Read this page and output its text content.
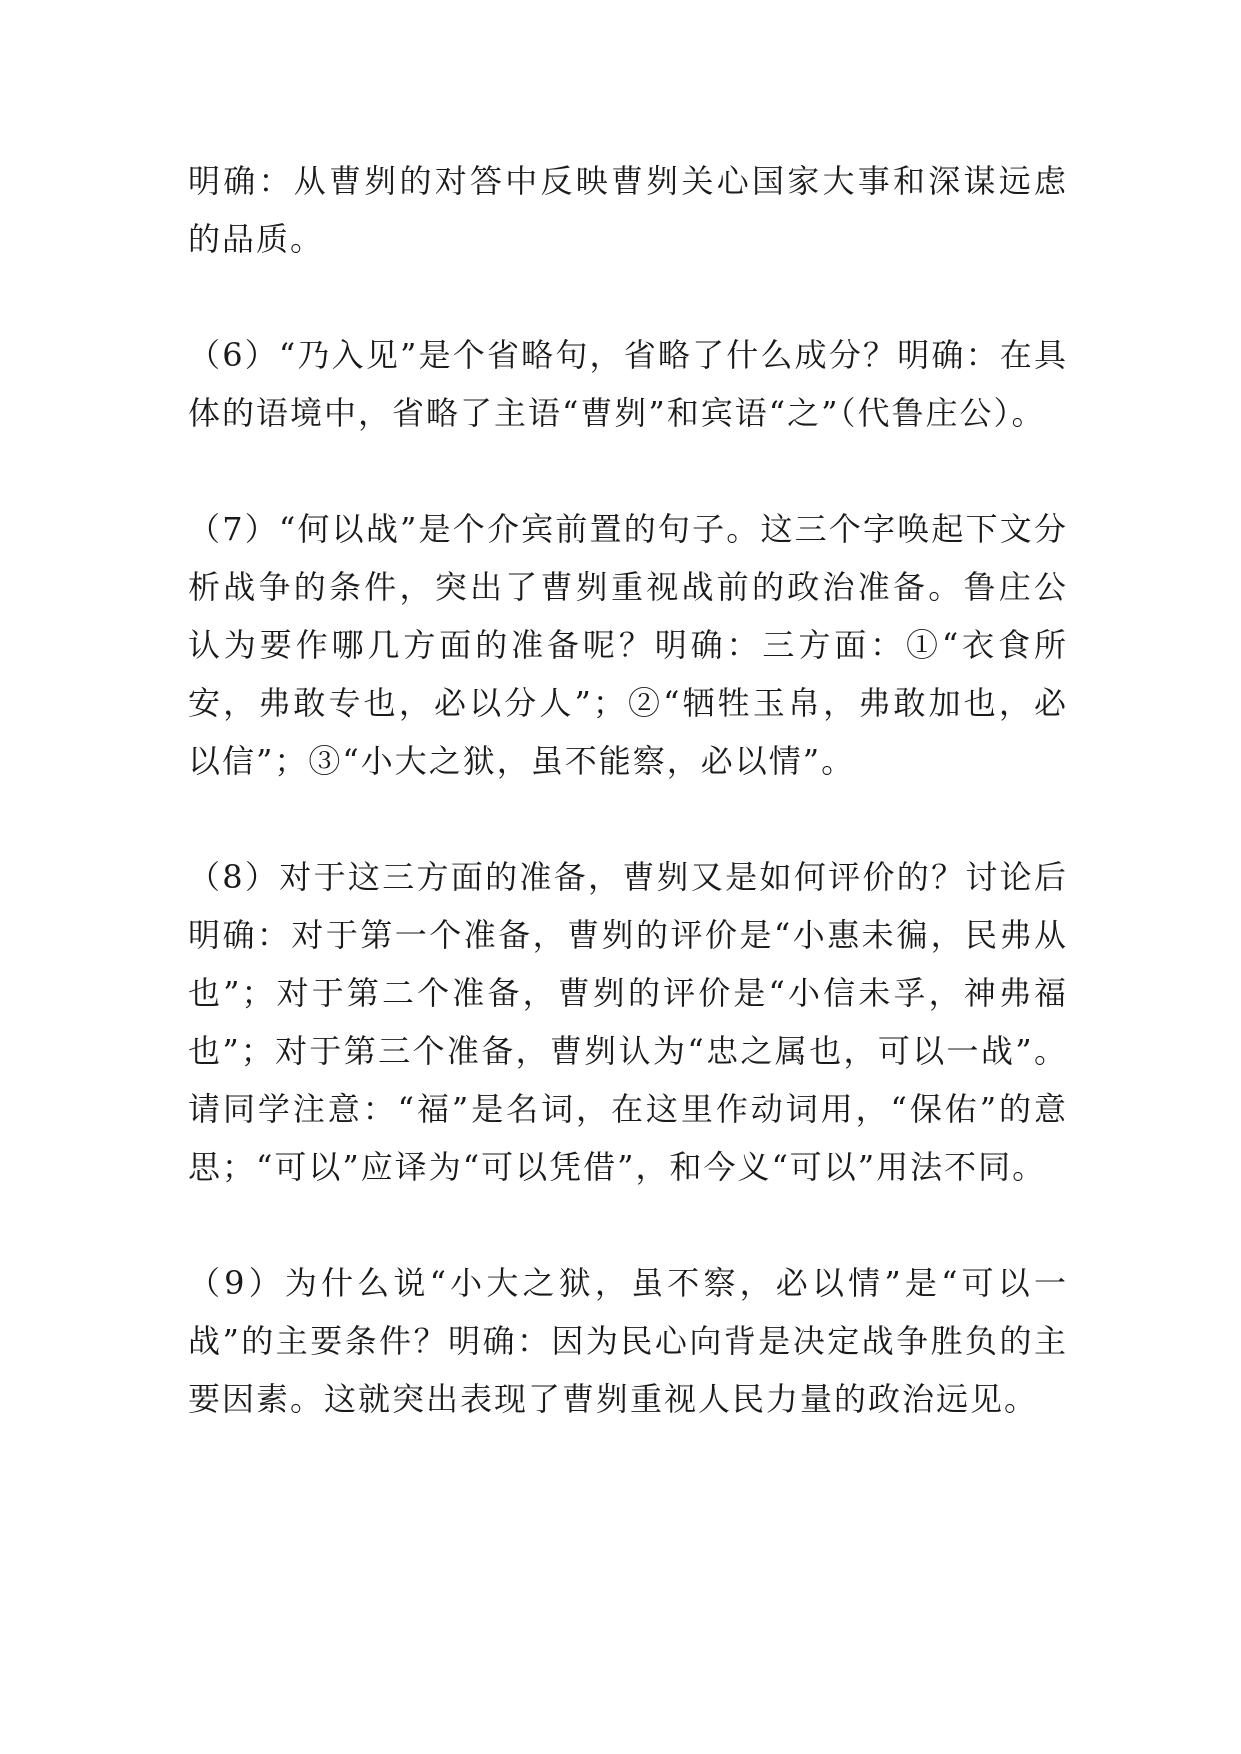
明确：从曹刿的对答中反映曹刿关心国家大事和深谋远虑的品质。

（6）“乃入见”是个省略句，省略了什么成分？明确：在具体的语境中，省略了主语“曹刿”和宾语“之”（代鲁庄公）。

（7）“何以战”是个介宾前置的句子。这三个字唤起下文分析战争的条件，突出了曹刿重视战前的政治准备。鲁庄公认为要作哪几方面的准备呢？明确：三方面：①“衣食所安，弗敢专也，必以分人”；②“牺牲玉帛，弗敢加也，必以信”；③“小大之狱，虽不能察，必以情”。

（8）对于这三方面的准备，曹刿又是如何评价的？讨论后明确：对于第一个准备，曹刿的评价是“小惠未徧，民弗从也”；对于第二个准备，曹刿的评价是“小信未孚，神弗福也”；对于第三个准备，曹刿认为“忠之属也，可以一战”。请同学注意：“福”是名词，在这里作动词用，“保佑”的意思；“可以”应译为“可以凭借”，和今义“可以”用法不同。

（9）为什么说“小大之狱，虽不察，必以情”是“可以一战”的主要条件？明确：因为民心向背是决定战争胜负的主要因素。这就突出表现了曹刿重视人民力量的政治远见。
